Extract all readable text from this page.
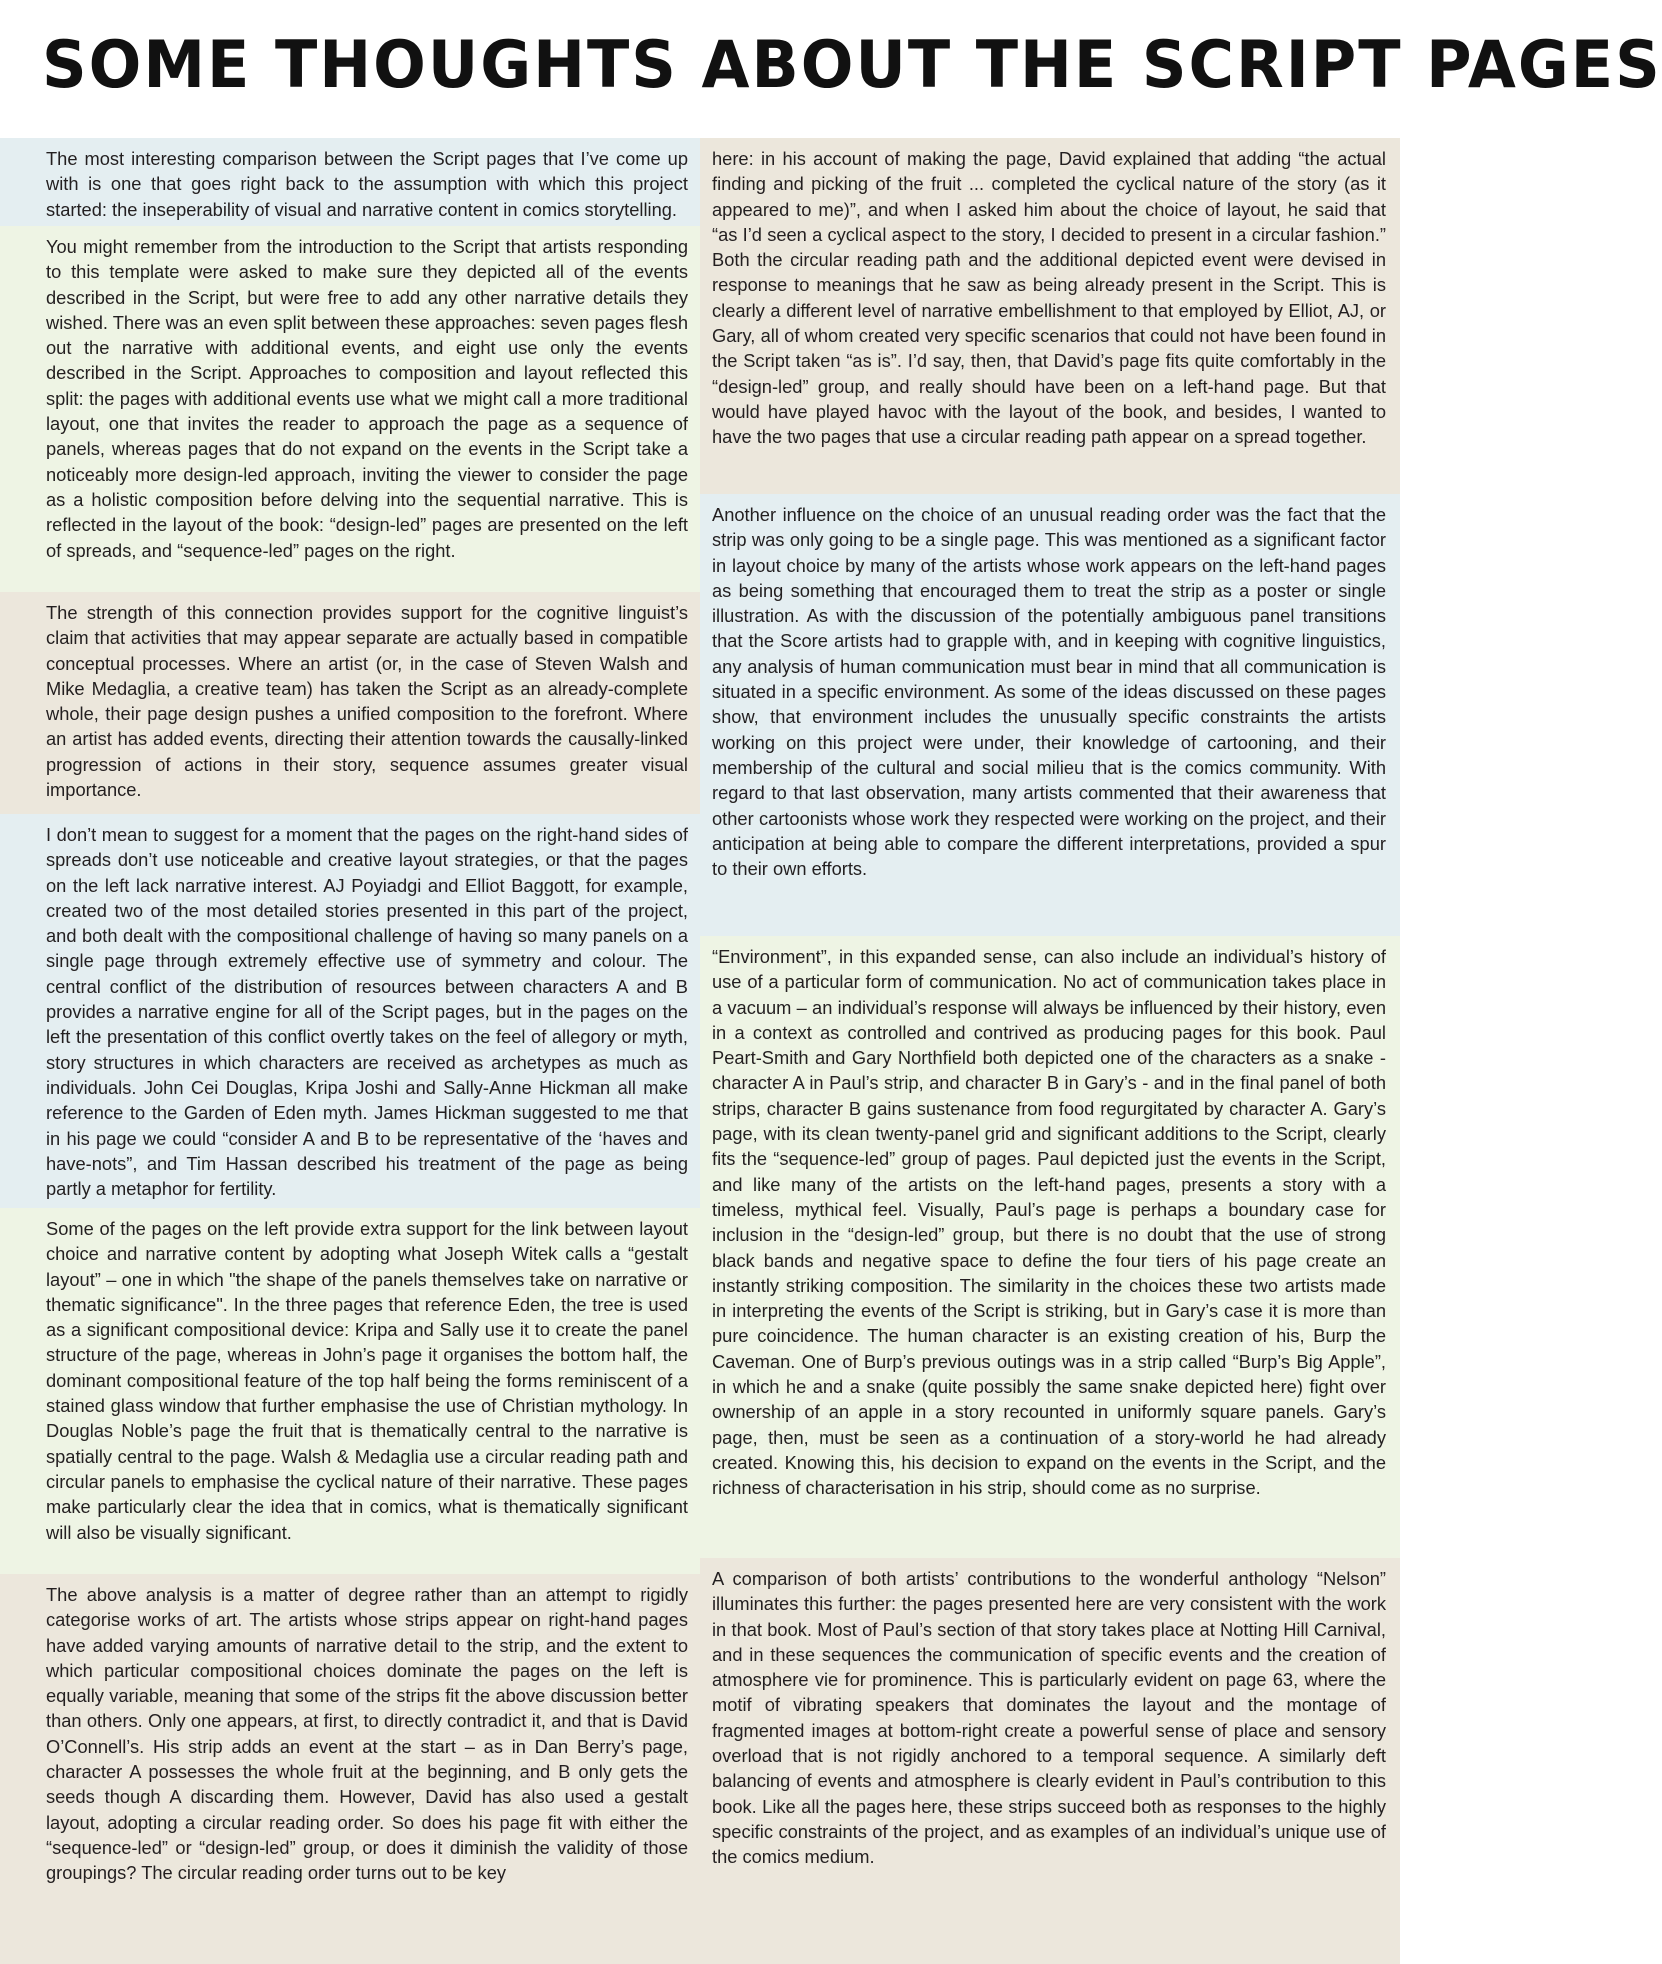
SOME THOUGHTS ABOUT THE SCRIPT PAGES

The most interesting comparison between the Script pages that I’ve come up with is one that goes right back to the assumption with which this project started: the inseperability of visual and narrative content in comics storytelling.

You might remember from the introduction to the Script that artists responding to this template were asked to make sure they depicted all of the events described in the Script, but were free to add any other narrative details they wished. There was an even split between these approaches: seven pages flesh out the narrative with additional events, and eight use only the events described in the Script. Approaches to composition and layout reflected this split: the pages with additional events use what we might call a more traditional layout, one that invites the reader to approach the page as a sequence of panels, whereas pages that do not expand on the events in the Script take a noticeably more design-led approach, inviting the viewer to consider the page as a holistic composition before delving into the sequential narrative. This is reflected in the layout of the book: “design-led” pages are presented on the left of spreads, and “sequence-led” pages on the right.

The strength of this connection provides support for the cognitive linguist’s claim that activities that may appear separate are actually based in compatible conceptual processes. Where an artist (or, in the case of Steven Walsh and Mike Medaglia, a creative team) has taken the Script as an already-complete whole, their page design pushes a unified composition to the forefront. Where an artist has added events, directing their attention towards the causally-linked progression of actions in their story, sequence assumes greater visual importance.

I don’t mean to suggest for a moment that the pages on the right-hand sides of spreads don’t use noticeable and creative layout strategies, or that the pages on the left lack narrative interest. AJ Poyiadgi and Elliot Baggott, for example, created two of the most detailed stories presented in this part of the project, and both dealt with the compositional challenge of having so many panels on a single page through extremely effective use of symmetry and colour. The central conflict of the distribution of resources between characters A and B provides a narrative engine for all of the Script pages, but in the pages on the left the presentation of this conflict overtly takes on the feel of allegory or myth, story structures in which characters are received as archetypes as much as individuals. John Cei Douglas, Kripa Joshi and Sally-Anne Hickman all make reference to the Garden of Eden myth. James Hickman suggested to me that in his page we could “consider A and B to be representative of the ‘haves and have-nots”, and Tim Hassan described his treatment of the page as being partly a metaphor for fertility.

Some of the pages on the left provide extra support for the link between layout choice and narrative content by adopting what Joseph Witek calls a “gestalt layout” – one in which "the shape of the panels themselves take on narrative or thematic significance". In the three pages that reference Eden, the tree is used as a significant compositional device: Kripa and Sally use it to create the panel structure of the page, whereas in John’s page it organises the bottom half, the dominant compositional feature of the top half being the forms reminiscent of a stained glass window that further emphasise the use of Christian mythology. In Douglas Noble’s page the fruit that is thematically central to the narrative is spatially central to the page. Walsh & Medaglia use a circular reading path and circular panels to emphasise the cyclical nature of their narrative. These pages make particularly clear the idea that in comics, what is thematically significant will also be visually significant.

The above analysis is a matter of degree rather than an attempt to rigidly categorise works of art. The artists whose strips appear on right-hand pages have added varying amounts of narrative detail to the strip, and the extent to which particular compositional choices dominate the pages on the left is equally variable, meaning that some of the strips fit the above discussion better than others. Only one appears, at first, to directly contradict it, and that is David O’Connell’s. His strip adds an event at the start – as in Dan Berry’s page, character A possesses the whole fruit at the beginning, and B only gets the seeds though A discarding them. However, David has also used a gestalt layout, adopting a circular reading order. So does his page fit with either the “sequence-led” or “design-led” group, or does it diminish the validity of those groupings? The circular reading order turns out to be key

here: in his account of making the page, David explained that adding “the actual finding and picking of the fruit ... completed the cyclical nature of the story (as it appeared to me)”, and when I asked him about the choice of layout, he said that “as I’d seen a cyclical aspect to the story, I decided to present in a circular fashion.” Both the circular reading path and the additional depicted event were devised in response to meanings that he saw as being already present in the Script. This is clearly a different level of narrative embellishment to that employed by Elliot, AJ, or Gary, all of whom created very specific scenarios that could not have been found in the Script taken “as is”. I’d say, then, that David’s page fits quite comfortably in the “design-led” group, and really should have been on a left-hand page. But that would have played havoc with the layout of the book, and besides, I wanted to have the two pages that use a circular reading path appear on a spread together.

Another influence on the choice of an unusual reading order was the fact that the strip was only going to be a single page. This was mentioned as a significant factor in layout choice by many of the artists whose work appears on the left-hand pages as being something that encouraged them to treat the strip as a poster or single illustration. As with the discussion of the potentially ambiguous panel transitions that the Score artists had to grapple with, and in keeping with cognitive linguistics, any analysis of human communication must bear in mind that all communication is situated in a specific environment. As some of the ideas discussed on these pages show, that environment includes the unusually specific constraints the artists working on this project were under, their knowledge of cartooning, and their membership of the cultural and social milieu that is the comics community. With regard to that last observation, many artists commented that their awareness that other cartoonists whose work they respected were working on the project, and their anticipation at being able to compare the different interpretations, provided a spur to their own efforts.

“Environment”, in this expanded sense, can also include an individual’s history of use of a particular form of communication. No act of communication takes place in a vacuum – an individual’s response will always be influenced by their history, even in a context as controlled and contrived as producing pages for this book. Paul Peart-Smith and Gary Northfield both depicted one of the characters as a snake - character A in Paul’s strip, and character B in Gary’s - and in the final panel of both strips, character B gains sustenance from food regurgitated by character A. Gary’s page, with its clean twenty-panel grid and significant additions to the Script, clearly fits the “sequence-led” group of pages. Paul depicted just the events in the Script, and like many of the artists on the left-hand pages, presents a story with a timeless, mythical feel. Visually, Paul’s page is perhaps a boundary case for inclusion in the “design-led” group, but there is no doubt that the use of strong black bands and negative space to define the four tiers of his page create an instantly striking composition. The similarity in the choices these two artists made in interpreting the events of the Script is striking, but in Gary’s case it is more than pure coincidence. The human character is an existing creation of his, Burp the Caveman. One of Burp’s previous outings was in a strip called “Burp’s Big Apple”, in which he and a snake (quite possibly the same snake depicted here) fight over ownership of an apple in a story recounted in uniformly square panels. Gary’s page, then, must be seen as a continuation of a story-world he had already created. Knowing this, his decision to expand on the events in the Script, and the richness of characterisation in his strip, should come as no surprise.

A comparison of both artists’ contributions to the wonderful anthology “Nelson” illuminates this further: the pages presented here are very consistent with the work in that book. Most of Paul’s section of that story takes place at Notting Hill Carnival, and in these sequences the communication of specific events and the creation of atmosphere vie for prominence. This is particularly evident on page 63, where the motif of vibrating speakers that dominates the layout and the montage of fragmented images at bottom-right create a powerful sense of place and sensory overload that is not rigidly anchored to a temporal sequence. A similarly deft balancing of events and atmosphere is clearly evident in Paul’s contribution to this book. Like all the pages here, these strips succeed both as responses to the highly specific constraints of the project, and as examples of an individual’s unique use of the comics medium.
